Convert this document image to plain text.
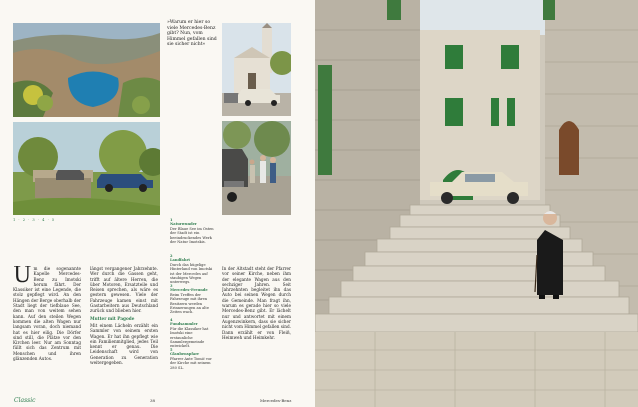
»Warum er hier so viele Mercedes-Benz gibt? Nun, vom Himmel gefallen sind sie sicher nicht«
1 · 2 · 3 · 4 · 5	1
Naturwunder
Der Blaue See im Osten der Stadt ist ein beeindruckendes Werk der Natur Imotskis.
2
Landfahrt
Durch das hügelige Hinterland von Imotski ist der Mercedes auf staubigen Wegen unterwegs.
3
Mercedes-Freunde
Beim Treffen der Fahrzeuge mit ihren Besitzern werden Erinnerungen an alte Zeiten wach.
4
Fundsammler
Für die Klassiker hat Imotski eine erstaunliche Sammlergemeinde entwickelt.
5
Glaubenspfarr
Pfarrer Ante Tomić vor der Kirche mit seinem 280 SL.
Um die sogenannte Kapelle Mercedes-Benz zu Imotski herum fährt. Der Klassiker ist eine Legende, die stolz gepflegt wird. An den Hängen der Berge oberhalb der Stadt liegt der tiefblaue See, den man von weitem sehen kann. Auf den steilen Wegen kommen die alten Wagen nur langsam voran, doch niemand hat es hier eilig. Die Dörfer sind still, die Plätze vor den Kirchen leer. Nur am Sonntag füllt sich das Zentrum mit Menschen und ihren glänzenden Autos.
längst vergangener Jahrzehnte. Wer durch die Gassen geht, trifft auf ältere Herren, die über Motoren, Ersatzteile und Reisen sprechen, als wäre es gestern gewesen. Viele der Fahrzeuge kamen einst mit Gastarbeitern aus Deutschland zurück und blieben hier.
Mutter mit Pagode
Mit einem Lächeln erzählt ein Sammler von seinem ersten Wagen. Er hat ihn gepflegt wie ein Familienmitglied, jedes Teil kennt er genau. Die Leidenschaft wird von Generation zu Generation weitergegeben.
In der Altstadt steht der Pfarrer vor seiner Kirche, neben ihm der elegante Wagen aus den sechziger Jahren. Seit Jahrzehnten begleitet ihn das Auto bei seinen Wegen durch die Gemeinde. Man fragt ihn, warum es gerade hier so viele Mercedes-Benz gibt. Er lächelt nur und antwortet mit einem Augenzwinkern, dass sie sicher nicht vom Himmel gefallen sind. Dann erzählt er von Fleiß, Heimweh und Heimkehr.
Classic	38	Mercedes-Benz
